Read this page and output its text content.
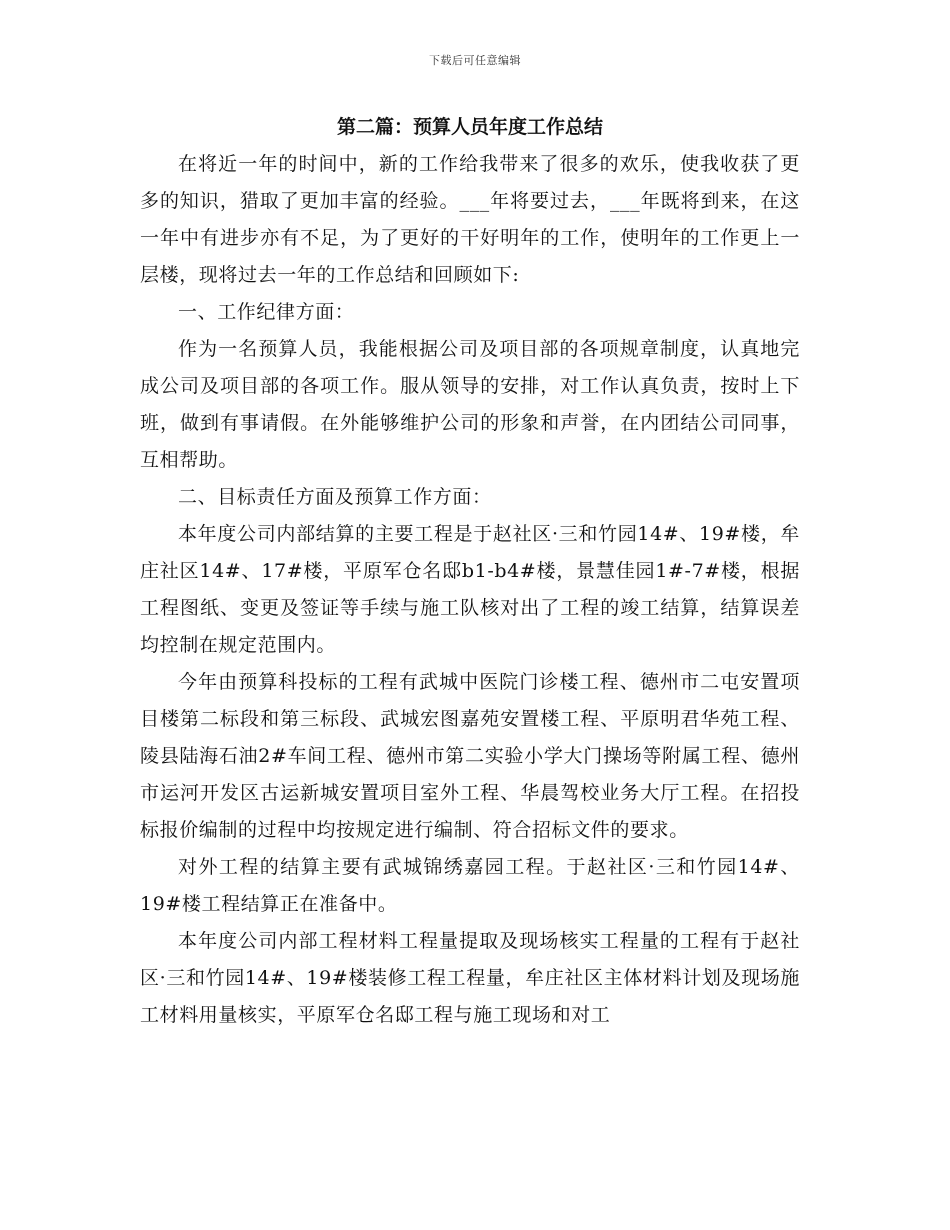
下载后可任意编辑
第二篇：预算人员年度工作总结

在将近一年的时间中，新的工作给我带来了很多的欢乐，使我收获了更多的知识，猎取了更加丰富的经验。___年将要过去，___年既将到来，在这一年中有进步亦有不足，为了更好的干好明年的工作，使明年的工作更上一层楼，现将过去一年的工作总结和回顾如下:

一、工作纪律方面：

作为一名预算人员，我能根据公司及项目部的各项规章制度，认真地完成公司及项目部的各项工作。服从领导的安排，对工作认真负责，按时上下班，做到有事请假。在外能够维护公司的形象和声誉，在内团结公司同事，互相帮助。

二、目标责任方面及预算工作方面：

本年度公司内部结算的主要工程是于赵社区·三和竹园14#、19#楼，牟庄社区14#、17#楼，平原军仓名邸b1-b4#楼，景慧佳园1#-7#楼，根据工程图纸、变更及签证等手续与施工队核对出了工程的竣工结算，结算误差均控制在规定范围内。

今年由预算科投标的工程有武城中医院门诊楼工程、德州市二屯安置项目楼第二标段和第三标段、武城宏图嘉苑安置楼工程、平原明君华苑工程、陵县陆海石油2#车间工程、德州市第二实验小学大门操场等附属工程、德州市运河开发区古运新城安置项目室外工程、华晨驾校业务大厅工程。在招投标报价编制的过程中均按规定进行编制、符合招标文件的要求。

对外工程的结算主要有武城锦绣嘉园工程。于赵社区·三和竹园14#、19#楼工程结算正在准备中。

本年度公司内部工程材料工程量提取及现场核实工程量的工程有于赵社区·三和竹园14#、19#楼装修工程工程量，牟庄社区主体材料计划及现场施工材料用量核实，平原军仓名邸工程与施工现场和对工
